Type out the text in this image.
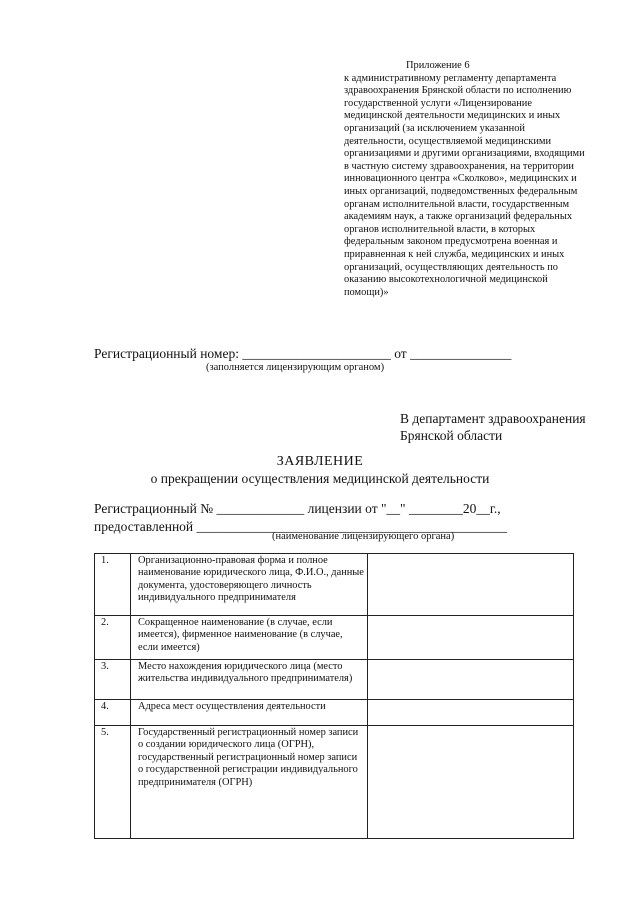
Приложение 6
к административному регламенту департамента
здравоохранения Брянской области по исполнению
государственной услуги «Лицензирование
медицинской деятельности медицинских и иных
организаций (за исключением указанной
деятельности, осуществляемой медицинскими
организациями и другими организациями, входящими
в частную систему здравоохранения, на территории
инновационного центра «Сколково», медицинских и
иных организаций, подведомственных федеральным
органам исполнительной власти, государственным
академиям наук, а также организаций федеральных
органов исполнительной власти, в которых
федеральным законом предусмотрена военная и
приравненная к ней служба, медицинских и иных
организаций, осуществляющих деятельность по
оказанию высокотехнологичной медицинской
помощи)»
Регистрационный номер: ______________________ от _______________
(заполняется лицензирующим органом)
В департамент здравоохранения
Брянской области
ЗАЯВЛЕНИЕ
о прекращении осуществления медицинской деятельности
Регистрационный № _____________ лицензии от "__" ________20__г.,
предоставленной ______________________________________________
(наименование лицензирующего органа)
1.	Организационно-правовая форма и полное наименование юридического лица, Ф.И.О., данные документа, удостоверяющего личность индивидуального предпринимателя	
2.	Сокращенное наименование (в случае, если имеется), фирменное наименование (в случае, если имеется)	
3.	Место нахождения юридического лица (место жительства индивидуального предпринимателя)	
4.	Адреса мест осуществления деятельности	
5.	Государственный регистрационный номер записи о создании юридического лица (ОГРН), государственный регистрационный номер записи о государственной регистрации индивидуального предпринимателя (ОГРН)	
